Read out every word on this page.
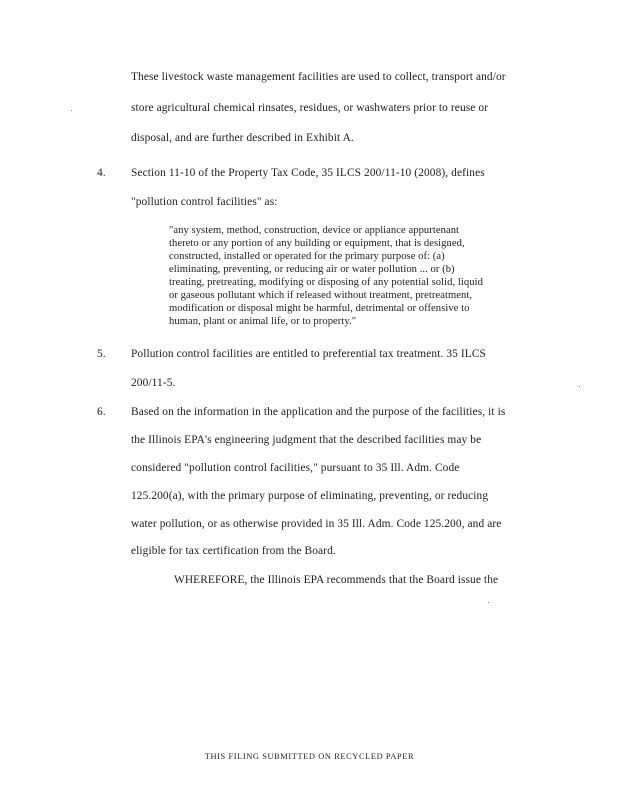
These livestock waste management facilities are used to collect, transport and/or
store agricultural chemical rinsates, residues, or washwaters prior to reuse or
disposal, and are further described in Exhibit A.
4. Section 11-10 of the Property Tax Code, 35 ILCS 200/11-10 (2008), defines
"pollution control facilities" as:
"any system, method, construction, device or appliance appurtenant
thereto or any portion of any building or equipment, that is designed,
constructed, installed or operated for the primary purpose of: (a)
eliminating, preventing, or reducing air or water pollution ... or (b)
treating, pretreating, modifying or disposing of any potential solid, liquid
or gaseous pollutant which if released without treatment, pretreatment,
modification or disposal might be harmful, detrimental or offensive to
human, plant or animal life, or to property."
5. Pollution control facilities are entitled to preferential tax treatment. 35 ILCS
200/11-5.
6. Based on the information in the application and the purpose of the facilities, it is
the Illinois EPA's engineering judgment that the described facilities may be
considered "pollution control facilities," pursuant to 35 Ill. Adm. Code
125.200(a), with the primary purpose of eliminating, preventing, or reducing
water pollution, or as otherwise provided in 35 Ill. Adm. Code 125.200, and are
eligible for tax certification from the Board.
WHEREFORE, the Illinois EPA recommends that the Board issue the
THIS FILING SUBMITTED ON RECYCLED PAPER
